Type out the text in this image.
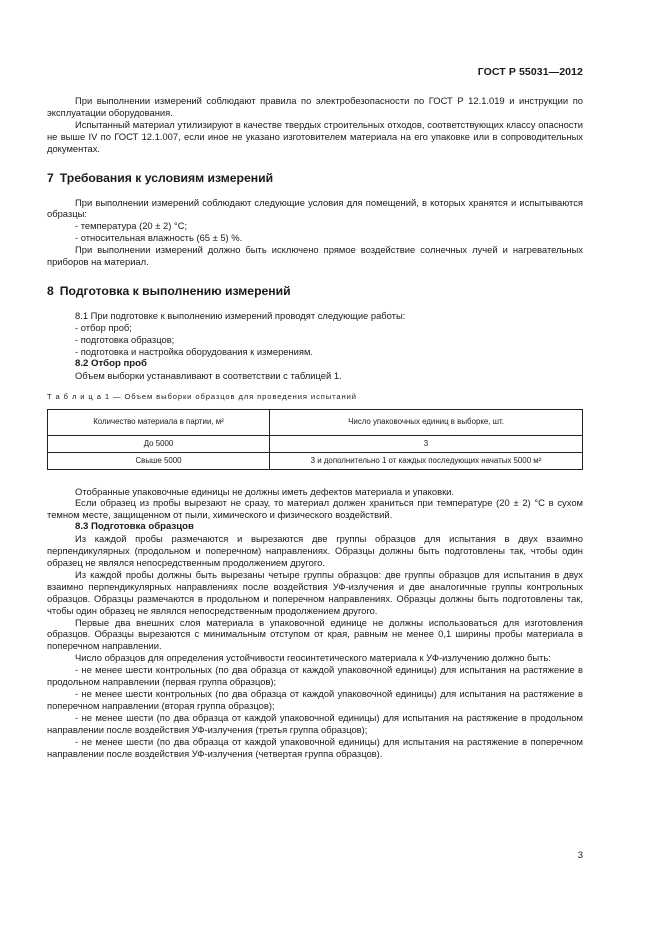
ГОСТ Р 55031—2012

При выполнении измерений соблюдают правила по электробезопасности по ГОСТ Р 12.1.019 и инструкции по эксплуатации оборудования.

Испытанный материал утилизируют в качестве твердых строительных отходов, соответствующих классу опасности не выше IV по ГОСТ 12.1.007, если иное не указано изготовителем материала на его упаковке или в сопроводительных документах.

7 Требования к условиям измерений

При выполнении измерений соблюдают следующие условия для помещений, в которых хранятся и испытываются образцы:

- температура (20 ± 2) °С;

- относительная влажность (65 ± 5) %.

При выполнении измерений должно быть исключено прямое воздействие солнечных лучей и нагревательных приборов на материал.

8 Подготовка к выполнению измерений

8.1 При подготовке к выполнению измерений проводят следующие работы:

- отбор проб;

- подготовка образцов;

- подготовка и настройка оборудования к измерениям.

8.2 Отбор проб

Объем выборки устанавливают в соответствии с таблицей 1.

Т а б л и ц а 1 — Объем выборки образцов для проведения испытаний

Количество материала в партии, м²	Число упаковочных единиц в выборке, шт.
До 5000	3
Свыше 5000	3 и дополнительно 1 от каждых последующих начатых 5000 м²

Отобранные упаковочные единицы не должны иметь дефектов материала и упаковки.

Если образец из пробы вырезают не сразу, то материал должен храниться при температуре (20 ± 2) °С в сухом темном месте, защищенном от пыли, химического и физического воздействий.

8.3 Подготовка образцов

Из каждой пробы размечаются и вырезаются две группы образцов для испытания в двух взаимно перпендикулярных (продольном и поперечном) направлениях. Образцы должны быть подготовлены так, чтобы один образец не являлся непосредственным продолжением другого.

Из каждой пробы должны быть вырезаны четыре группы образцов: две группы образцов для испытания в двух взаимно перпендикулярных направлениях после воздействия УФ-излучения и две аналогичные группы контрольных образцов. Образцы размечаются в продольном и поперечном направлениях. Образцы должны быть подготовлены так, чтобы один образец не являлся непосредственным продолжением другого.

Первые два внешних слоя материала в упаковочной единице не должны использоваться для изготовления образцов. Образцы вырезаются с минимальным отступом от края, равным не менее 0,1 ширины пробы материала в поперечном направлении.

Число образцов для определения устойчивости геосинтетического материала к УФ-излучению должно быть:

- не менее шести контрольных (по два образца от каждой упаковочной единицы) для испытания на растяжение в продольном направлении (первая группа образцов);

- не менее шести контрольных (по два образца от каждой упаковочной единицы) для испытания на растяжение в поперечном направлении (вторая группа образцов);

- не менее шести (по два образца от каждой упаковочной единицы) для испытания на растяжение в продольном направлении после воздействия УФ-излучения (третья группа образцов);

- не менее шести (по два образца от каждой упаковочной единицы) для испытания на растяжение в поперечном направлении после воздействия УФ-излучения (четвертая группа образцов).

3
